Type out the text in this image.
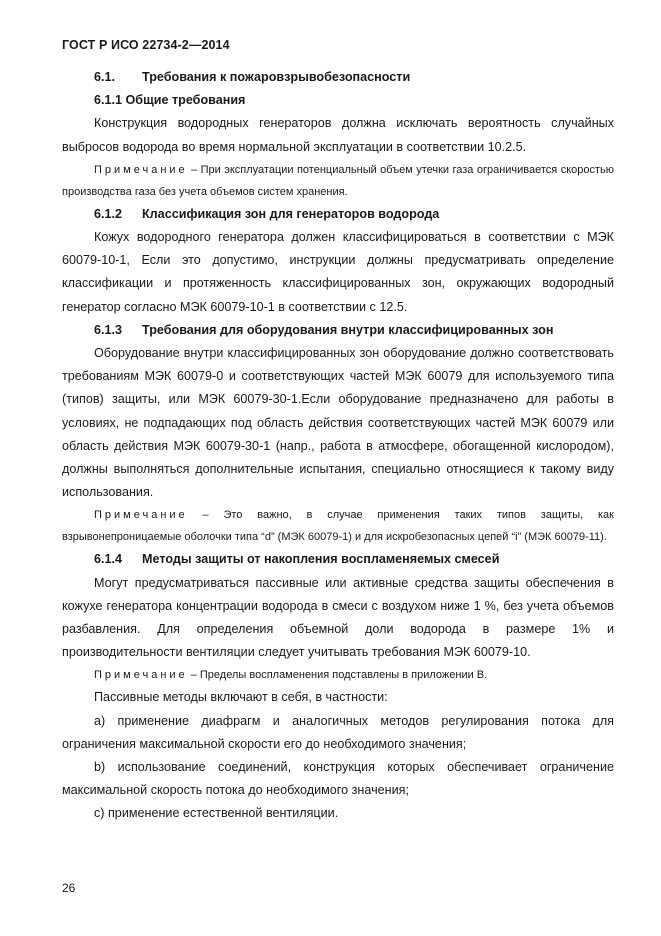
ГОСТ Р ИСО 22734-2—2014

6.1. Требования к пожаровзрывобезопасности

6.1.1 Общие требования

Конструкция водородных генераторов должна исключать вероятность случайных выбросов водорода во время нормальной эксплуатации в соответствии 10.2.5.

Примечание – При эксплуатации потенциальный объем утечки газа ограничивается скоростью производства газа без учета объемов систем хранения.

6.1.2 Классификация зон для генераторов водорода

Кожух водородного генератора должен классифицироваться в соответствии с МЭК 60079-10-1, Если это допустимо, инструкции должны предусматривать определение классификации и протяженность классифицированных зон, окружающих водородный генератор согласно МЭК 60079-10-1 в соответствии с 12.5.

6.1.3 Требования для оборудования внутри классифицированных зон

Оборудование внутри классифицированных зон оборудование должно соответствовать требованиям МЭК 60079-0 и соответствующих частей МЭК 60079 для используемого типа (типов) защиты, или МЭК 60079-30-1.Если оборудование предназначено для работы в условиях, не подпадающих под область действия соответствующих частей МЭК 60079 или область действия МЭК 60079-30-1 (напр., работа в атмосфере, обогащенной кислородом), должны выполняться дополнительные испытания, специально относящиеся к такому виду использования.

Примечание – Это важно, в случае применения таких типов защиты, как взрывонепроницаемые оболочки типа “d” (МЭК 60079-1) и для искробезопасных цепей “i” (МЭК 60079-11).

6.1.4 Методы защиты от накопления воспламеняемых смесей

Могут предусматриваться пассивные или активные средства защиты обеспечения в кожухе генератора концентрации водорода в смеси с воздухом ниже 1 %, без учета объемов разбавления. Для определения объемной доли водорода в размере 1% и производительности вентиляции следует учитывать требования МЭК 60079-10.

Примечание – Пределы воспламенения подставлены в приложении В.

Пассивные методы включают в себя, в частности:

а) применение диафрагм и аналогичных методов регулирования потока для ограничения максимальной скорости его до необходимого значения;

b) использование соединений, конструкция которых обеспечивает ограничение максимальной скорость потока до необходимого значения;

с) применение естественной вентиляции.

26
